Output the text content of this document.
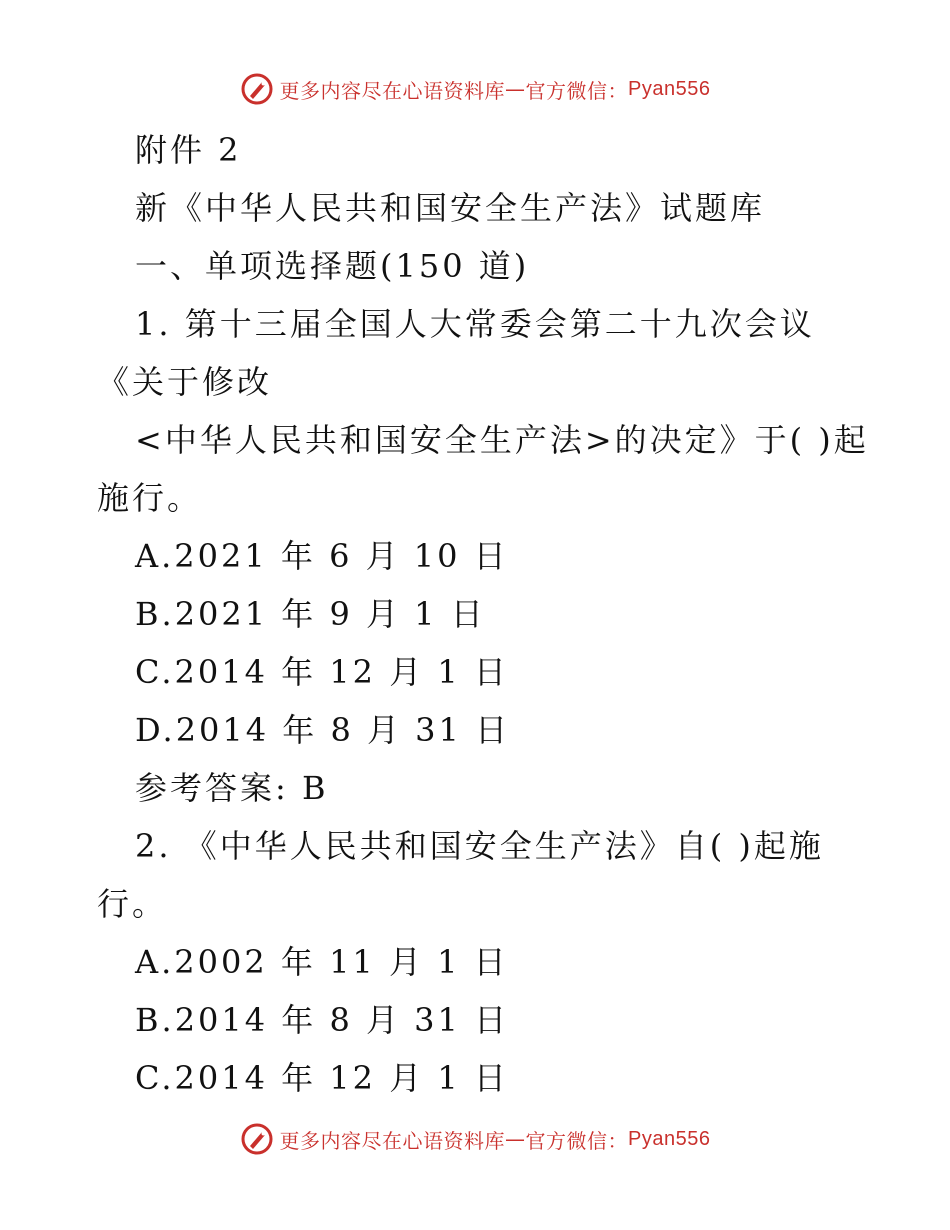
更多内容尽在心语资料库 — 官方微信： Pyan556
附件 2
新《中华人民共和国安全生产法》试题库
一、单项选择题(150 道)
1. 第十三届全国人大常委会第二十九次会议
《关于修改
<中华人民共和国安全生产法>的决定》于( )起
施行。
A.2021 年 6 月 10 日
B.2021 年 9 月 1 日
C.2014 年 12 月 1 日
D.2014 年 8 月 31 日
参考答案: B
2. 《中华人民共和国安全生产法》自( )起施
行。
A.2002 年 11 月 1 日
B.2014 年 8 月 31 日
C.2014 年 12 月 1 日
更多内容尽在心语资料库 — 官方微信： Pyan556
